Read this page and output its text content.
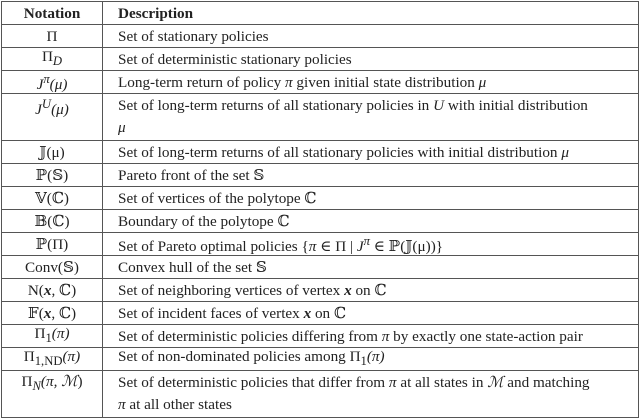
Notation	Description
Π	Set of stationary policies
$\Pi_D$	Set of deterministic stationary policies
$J^\pi(\mu)$	Long-term return of policy π given initial state distribution μ
$J^U(\mu)$	Set of long-term returns of all stationary policies in U with initial distribution
μ
𝕁(μ)	Set of long-term returns of all stationary policies with initial distribution μ
ℙ(𝕊)	Pareto front of the set 𝕊
𝕍(ℂ)	Set of vertices of the polytope ℂ
𝔹(ℂ)	Boundary of the polytope ℂ
ℙ(Π)	Set of Pareto optimal policies {π ∈ Π | $J^\pi$ ∈ ℙ(𝕁(μ))}
Conv(𝕊)	Convex hull of the set 𝕊
N(x, ℂ)	Set of neighboring vertices of vertex x on ℂ
𝔽(x, ℂ)	Set of incident faces of vertex x on ℂ
$\Pi_1(\pi)$	Set of deterministic policies differing from π by exactly one state-action pair
$\Pi_{1,ND}(\pi)$	Set of non-dominated policies among $\Pi_1(\pi)$
$\Pi_N(\pi$, ℳ)	Set of deterministic policies that differ from π at all states in ℳ and matching
π at all other states
